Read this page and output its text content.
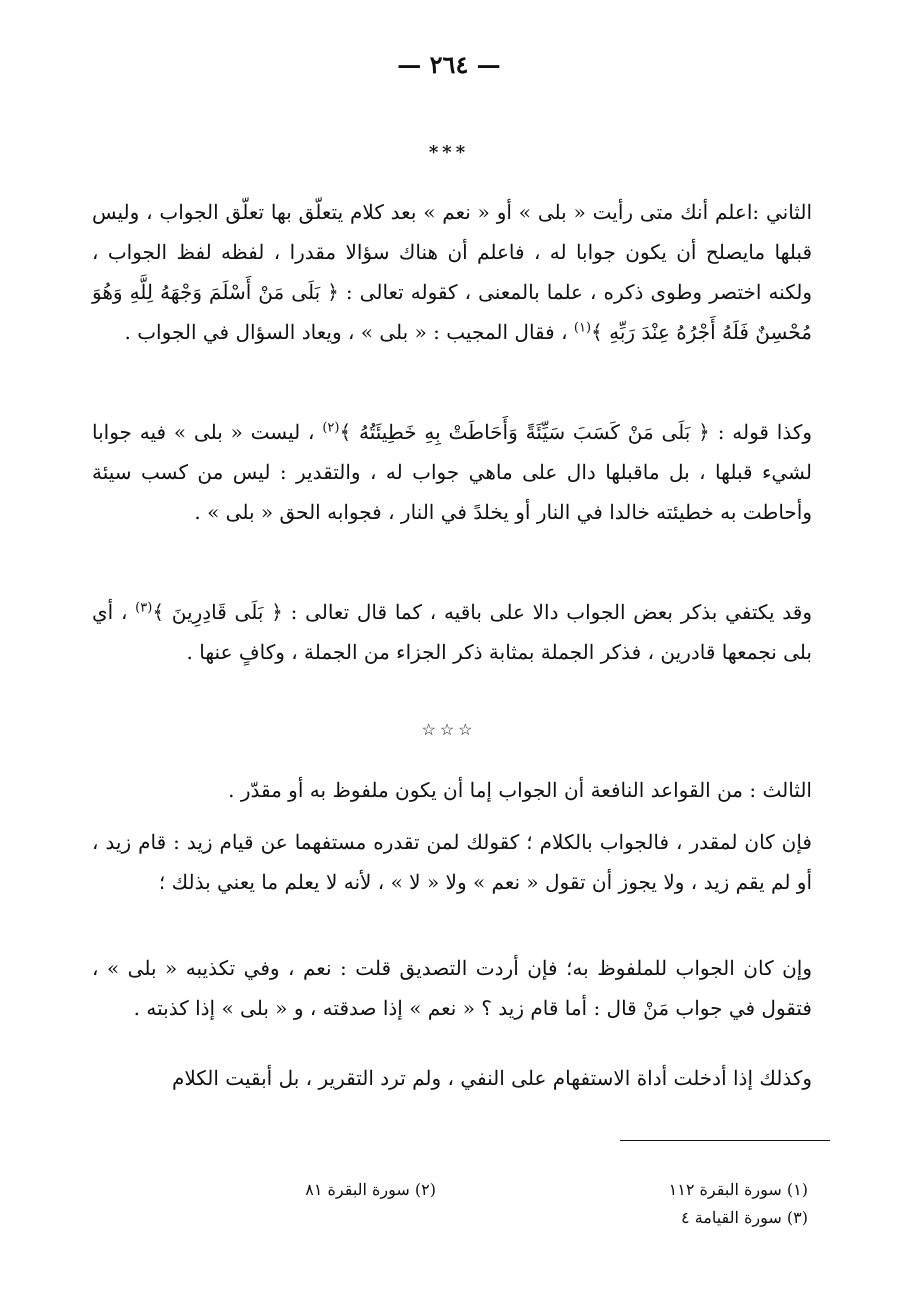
— ٢٦٤ —
***
الثاني :اعلم أنك متى رأيت « بلى » أو « نعم » بعد كلام يتعلّق بها تعلّق الجواب ، وليس قبلها مايصلح أن يكون جوابا له ، فاعلم أن هناك سؤالا مقدرا ، لفظه لفظ الجواب ، ولكنه اختصر وطوى ذكره ، علما بالمعنى ، كقوله تعالى : ﴿ بَلَى مَنْ أَسْلَمَ وَجْهَهُ لِلَّهِ وَهُوَ مُحْسِنٌ فَلَهُ أَجْرُهُ عِنْدَ رَبِّهِ ﴾$^{(١)}$ ، فقال المجيب : « بلى » ، ويعاد السؤال في الجواب .
وكذا قوله : ﴿ بَلَى مَنْ كَسَبَ سَيِّئَةً وَأَحَاطَتْ بِهِ خَطِيئَتُهُ ﴾$^{(٢)}$ ، ليست « بلى » فيه جوابا لشيء قبلها ، بل ماقبلها دال على ماهي جواب له ، والتقدير : ليس من كسب سيئة وأحاطت به خطيئته خالدا في النار أو يخلدً في النار ، فجوابه الحق « بلى » .
وقد يكتفي بذكر بعض الجواب دالا على باقيه ، كما قال تعالى : ﴿ بَلَى قَادِرِينَ ﴾$^{(٣)}$ ، أي بلى نجمعها قادرين ، فذكر الجملة بمثابة ذكر الجزاء من الجملة ، وكافٍ عنها .
☆☆☆
الثالث : من القواعد النافعة أن الجواب إما أن يكون ملفوظ به أو مقدّر .
فإن كان لمقدر ، فالجواب بالكلام ؛ كقولك لمن تقدره مستفهما عن قيام زيد : قام زيد ، أو لم يقم زيد ، ولا يجوز أن تقول « نعم » ولا « لا » ، لأنه لا يعلم ما يعني بذلك ؛
وإن كان الجواب للملفوظ به؛ فإن أردت التصديق قلت : نعم ، وفي تكذيبه « بلى » ، فتقول في جواب مَنْ قال : أما قام زيد ؟ « نعم » إذا صدقته ، و « بلى » إذا كذبته .
وكذلك إذا أدخلت أداة الاستفهام على النفي ، ولم ترد التقرير ، بل أبقيت الكلام
(١) سورة البقرة ١١٢
(٢) سورة البقرة ٨١
(٣) سورة القيامة ٤
